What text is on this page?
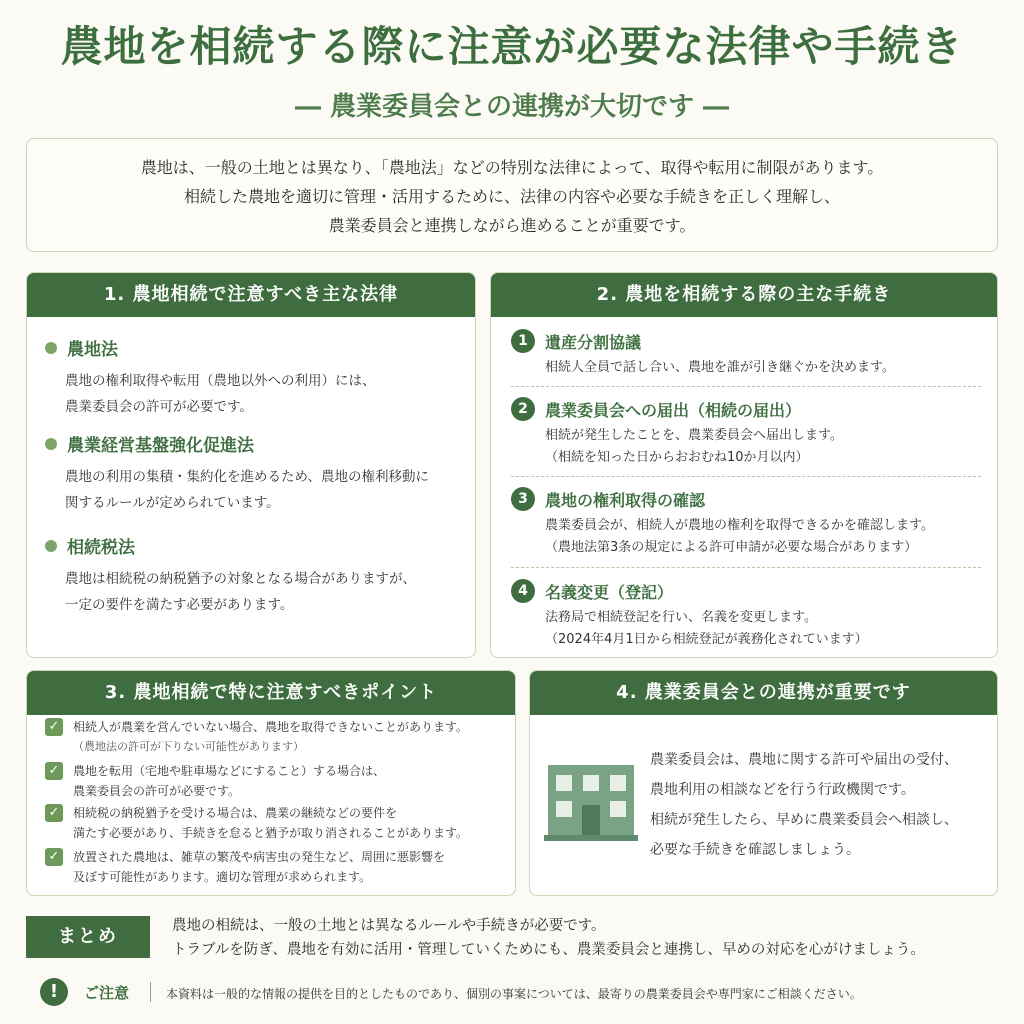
農地を相続する際に注意が必要な法律や手続き
― 農業委員会との連携が大切です ―
農地は、一般の土地とは異なり、「農地法」などの特別な法律によって、取得や転用に制限があります。
相続した農地を適切に管理・活用するために、法律の内容や必要な手続きを正しく理解し、
農業委員会と連携しながら進めることが重要です。
1. 農地相続で注意すべき主な法律
農地法
農地の権利取得や転用（農地以外への利用）には、
農業委員会の許可が必要です。
農業経営基盤強化促進法
農地の利用の集積・集約化を進めるため、農地の権利移動に
関するルールが定められています。
相続税法
農地は相続税の納税猶予の対象となる場合がありますが、
一定の要件を満たす必要があります。
2. 農地を相続する際の主な手続き
1	遺産分割協議
相続人全員で話し合い、農地を誰が引き継ぐかを決めます。
2	農業委員会への届出（相続の届出）
相続が発生したことを、農業委員会へ届出します。
（相続を知った日からおおむね10か月以内）
3	農地の権利取得の確認
農業委員会が、相続人が農地の権利を取得できるかを確認します。
（農地法第3条の規定による許可申請が必要な場合があります）
4	名義変更（登記）
法務局で相続登記を行い、名義を変更します。
（2024年4月1日から相続登記が義務化されています）
3. 農地相続で特に注意すべきポイント
✓ 相続人が農業を営んでいない場合、農地を取得できないことがあります。
（農地法の許可が下りない可能性があります）
✓ 農地を転用（宅地や駐車場などにすること）する場合は、
農業委員会の許可が必要です。
✓ 相続税の納税猶予を受ける場合は、農業の継続などの要件を
満たす必要があり、手続きを怠ると猶予が取り消されることがあります。
✓ 放置された農地は、雑草の繁茂や病害虫の発生など、周囲に悪影響を
及ぼす可能性があります。適切な管理が求められます。
4. 農業委員会との連携が重要です
農業委員会は、農地に関する許可や届出の受付、
農地利用の相談などを行う行政機関です。
相続が発生したら、早めに農業委員会へ相談し、
必要な手続きを確認しましょう。
まとめ	農地の相続は、一般の土地とは異なるルールや手続きが必要です。
トラブルを防ぎ、農地を有効に活用・管理していくためにも、農業委員会と連携し、早めの対応を心がけましょう。
!	ご注意	本資料は一般的な情報の提供を目的としたものであり、個別の事案については、最寄りの農業委員会や専門家にご相談ください。
